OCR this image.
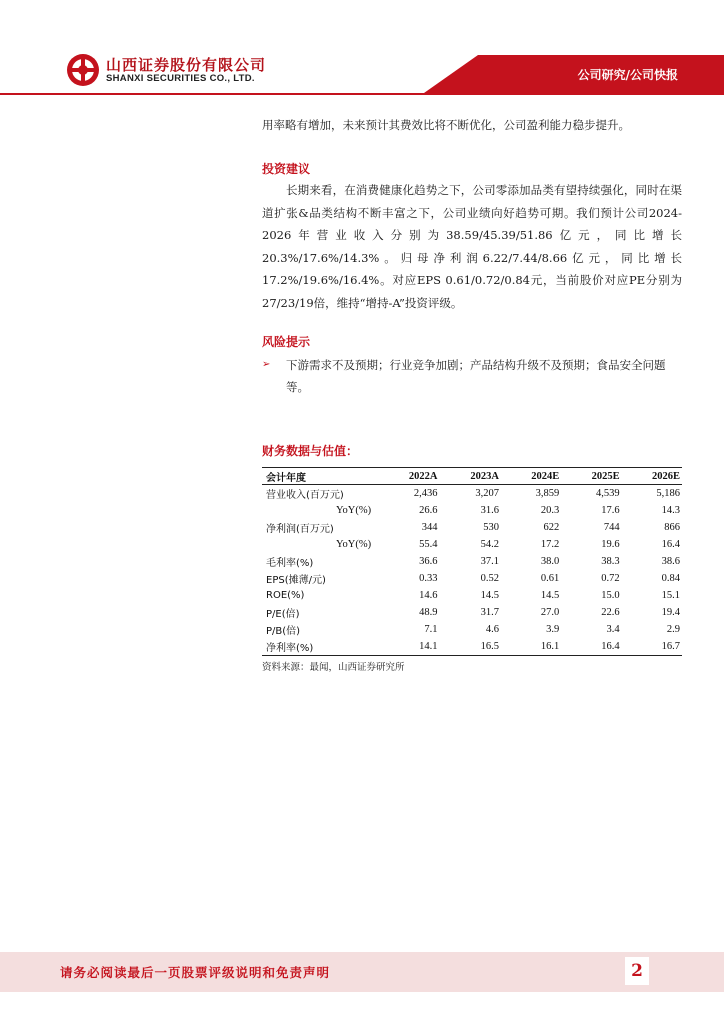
山西证券股份有限公司
SHANXI SECURITIES CO., LTD.	公司研究/公司快报

用率略有增加，未来预计其费效比将不断优化，公司盈利能力稳步提升。

投资建议

长期来看，在消费健康化趋势之下，公司零添加品类有望持续强化，同时在渠道扩张&品类结构不断丰富之下，公司业绩向好趋势可期。我们预计公司2024-2026年营业收入分别为38.59/45.39/51.86亿元，同比增长20.3%/17.6%/14.3%。归母净利润6.22/7.44/8.66亿元，同比增长17.2%/19.6%/16.4%。对应EPS 0.61/0.72/0.84元，当前股价对应PE分别为27/23/19倍，维持“增持-A”投资评级。

风险提示

➢	下游需求不及预期；行业竞争加剧；产品结构升级不及预期；食品安全问题等。

财务数据与估值：

会计年度	2022A	2023A	2024E	2025E	2026E
营业收入(百万元)	2,436	3,207	3,859	4,539	5,186
YoY(%)	26.6	31.6	20.3	17.6	14.3
净利润(百万元)	344	530	622	744	866
YoY(%)	55.4	54.2	17.2	19.6	16.4
毛利率(%)	36.6	37.1	38.0	38.3	38.6
EPS(摊薄/元)	0.33	0.52	0.61	0.72	0.84
ROE(%)	14.6	14.5	14.5	15.0	15.1
P/E(倍)	48.9	31.7	27.0	22.6	19.4
P/B(倍)	7.1	4.6	3.9	3.4	2.9
净利率(%)	14.1	16.5	16.1	16.4	16.7
资料来源：最闻，山西证券研究所
请务必阅读最后一页股票评级说明和免责声明	2
